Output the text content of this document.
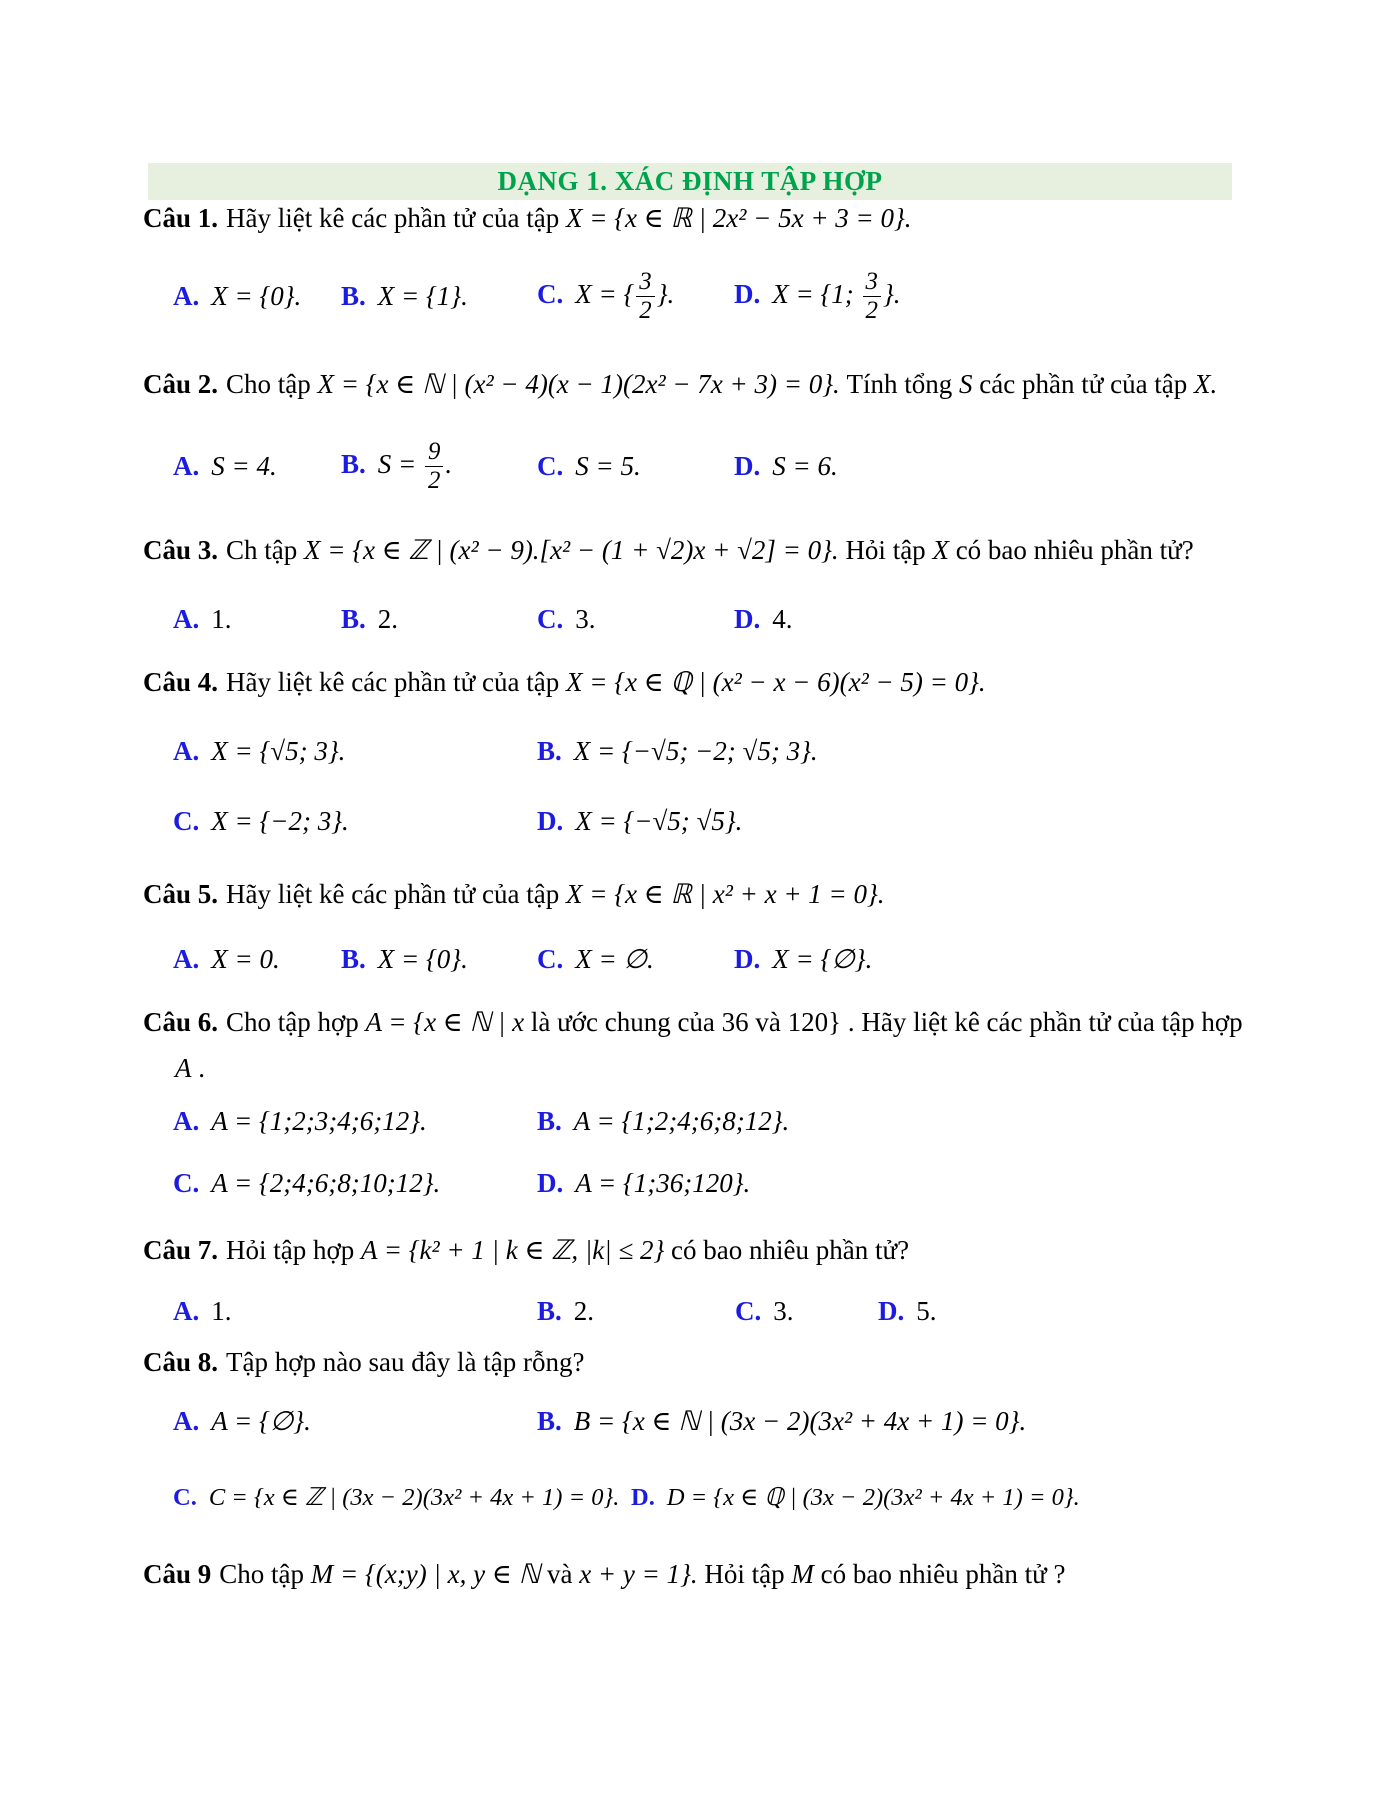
DẠNG 1. XÁC ĐỊNH TẬP HỢP
Câu 1. Hãy liệt kê các phần tử của tập X = {x ∈ ℝ | 2x² − 5x + 3 = 0}.
A. X = {0}.	B. X = {1}.	C. X = { $\frac{3}{2}$ }.	D. X = {1; $\frac{3}{2}$ }.
Câu 2. Cho tập X = {x ∈ ℕ | (x² − 4)(x − 1)(2x² − 7x + 3) = 0}. Tính tổng S các phần tử của tập X.
A. S = 4.	B. $S = \frac{9}{2}$ .	C. S = 5.	D. S = 6.
Câu 3. Ch tập X = {x ∈ ℤ | (x² − 9).[x² − (1 + √2)x + √2] = 0}. Hỏi tập X có bao nhiêu phần tử?
A. 1.	B. 2.	C. 3.	D. 4.
Câu 4. Hãy liệt kê các phần tử của tập X = {x ∈ ℚ | (x² − x − 6)(x² − 5) = 0}.
A. X = {√5; 3}.	B. X = {−√5; −2; √5; 3}.
C. X = {−2; 3}.	D. X = {−√5; √5}.
Câu 5. Hãy liệt kê các phần tử của tập X = {x ∈ ℝ | x² + x + 1 = 0}.
A. X = 0.	B. X = {0}.	C. X = ∅.	D. X = {∅}.
Câu 6. Cho tập hợp A = {x ∈ ℕ | x là ước chung của 36 và 120} . Hãy liệt kê các phần tử của tập hợp
A .
A. A = {1;2;3;4;6;12}.	B. A = {1;2;4;6;8;12}.
C. A = {2;4;6;8;10;12}.	D. A = {1;36;120}.
Câu 7. Hỏi tập hợp A = {k² + 1 | k ∈ ℤ, |k| ≤ 2} có bao nhiêu phần tử?
A. 1.	B. 2.	C. 3.	D. 5.
Câu 8. Tập hợp nào sau đây là tập rỗng?
A. A = {∅}.	B. B = {x ∈ ℕ | (3x − 2)(3x² + 4x + 1) = 0}.
C. C = {x ∈ ℤ | (3x − 2)(3x² + 4x + 1) = 0}. D. D = {x ∈ ℚ | (3x − 2)(3x² + 4x + 1) = 0}.
Câu 9 Cho tập M = {(x;y) | x, y ∈ ℕ và x + y = 1}. Hỏi tập M có bao nhiêu phần tử ?
